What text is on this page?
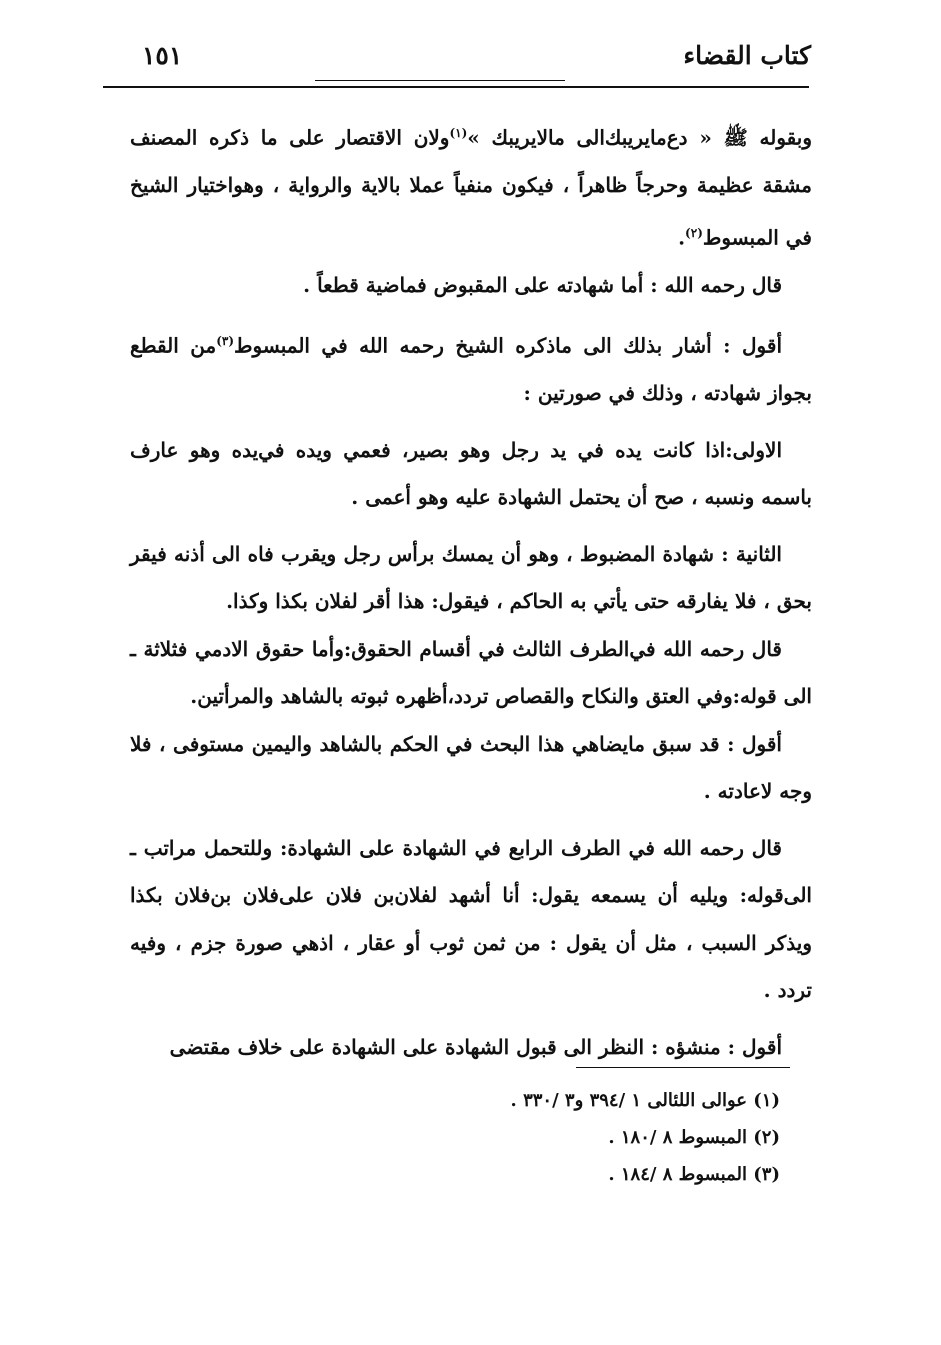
كتاب القضاء
١٥١

وبقوله ﷺ « دع‌ما‌يريبك‌الى مالايريبك »$^{(١)}$ولان الاقتصار على ما ذكره المصنف مشقة عظيمة وحرجاً ظاهراً ، فيكون منفياً عملا بالاية والرواية ، وهواختيار الشيخ في المبسوط$^{(٢)}$.

قال رحمه الله : أما شهادته على المقبوض فماضية قطعاً .

أقول : أشار بذلك الى ماذكره الشيخ رحمه الله في المبسوط$^{(٣)}$من القطع بجواز شهادته ، وذلك في صورتين :

الاولى:اذا كانت يده في يد رجل وهو بصير، فعمي ويده في‌يده وهو عارف باسمه ونسبه ، صح أن يحتمل الشهادة عليه وهو أعمى .

الثانية : شهادة المضبوط ، وهو أن يمسك برأس رجل ويقرب فاه الى أذنه فيقر بحق ، فلا يفارقه حتى يأتي به الحاكم ، فيقول: هذا أقر لفلان بكذا وكذا.

قال رحمه الله في‌الطرف الثالث في أقسام الحقوق:وأما حقوق الادمي فثلاثة ـ الى قوله:وفي العتق والنكاح والقصاص تردد،أظهره ثبوته بالشاهد والمرأتين.

أقول : قد سبق مايضاهي هذا البحث في الحكم بالشاهد واليمين مستوفى ، فلا وجه لاعادته .

قال رحمه الله في الطرف الرابع في الشهادة على الشهادة: وللتحمل مراتب ـ الى‌قوله: ويليه أن يسمعه يقول: أنا أشهد لفلان‌بن فلان على‌فلان بن‌فلان بكذا ويذكر السبب ، مثل أن يقول : من ثمن ثوب أو عقار ، اذهي صورة جزم ، وفيه تردد .

أقول : منشؤه : النظر الى قبول الشهادة على الشهادة على خلاف مقتضى

(١) عوالى اللئالى ١ /٣٩٤ و٣ /٣٣٠ .

(٢) المبسوط ٨ /١٨٠ .

(٣) المبسوط ٨ /١٨٤ .
